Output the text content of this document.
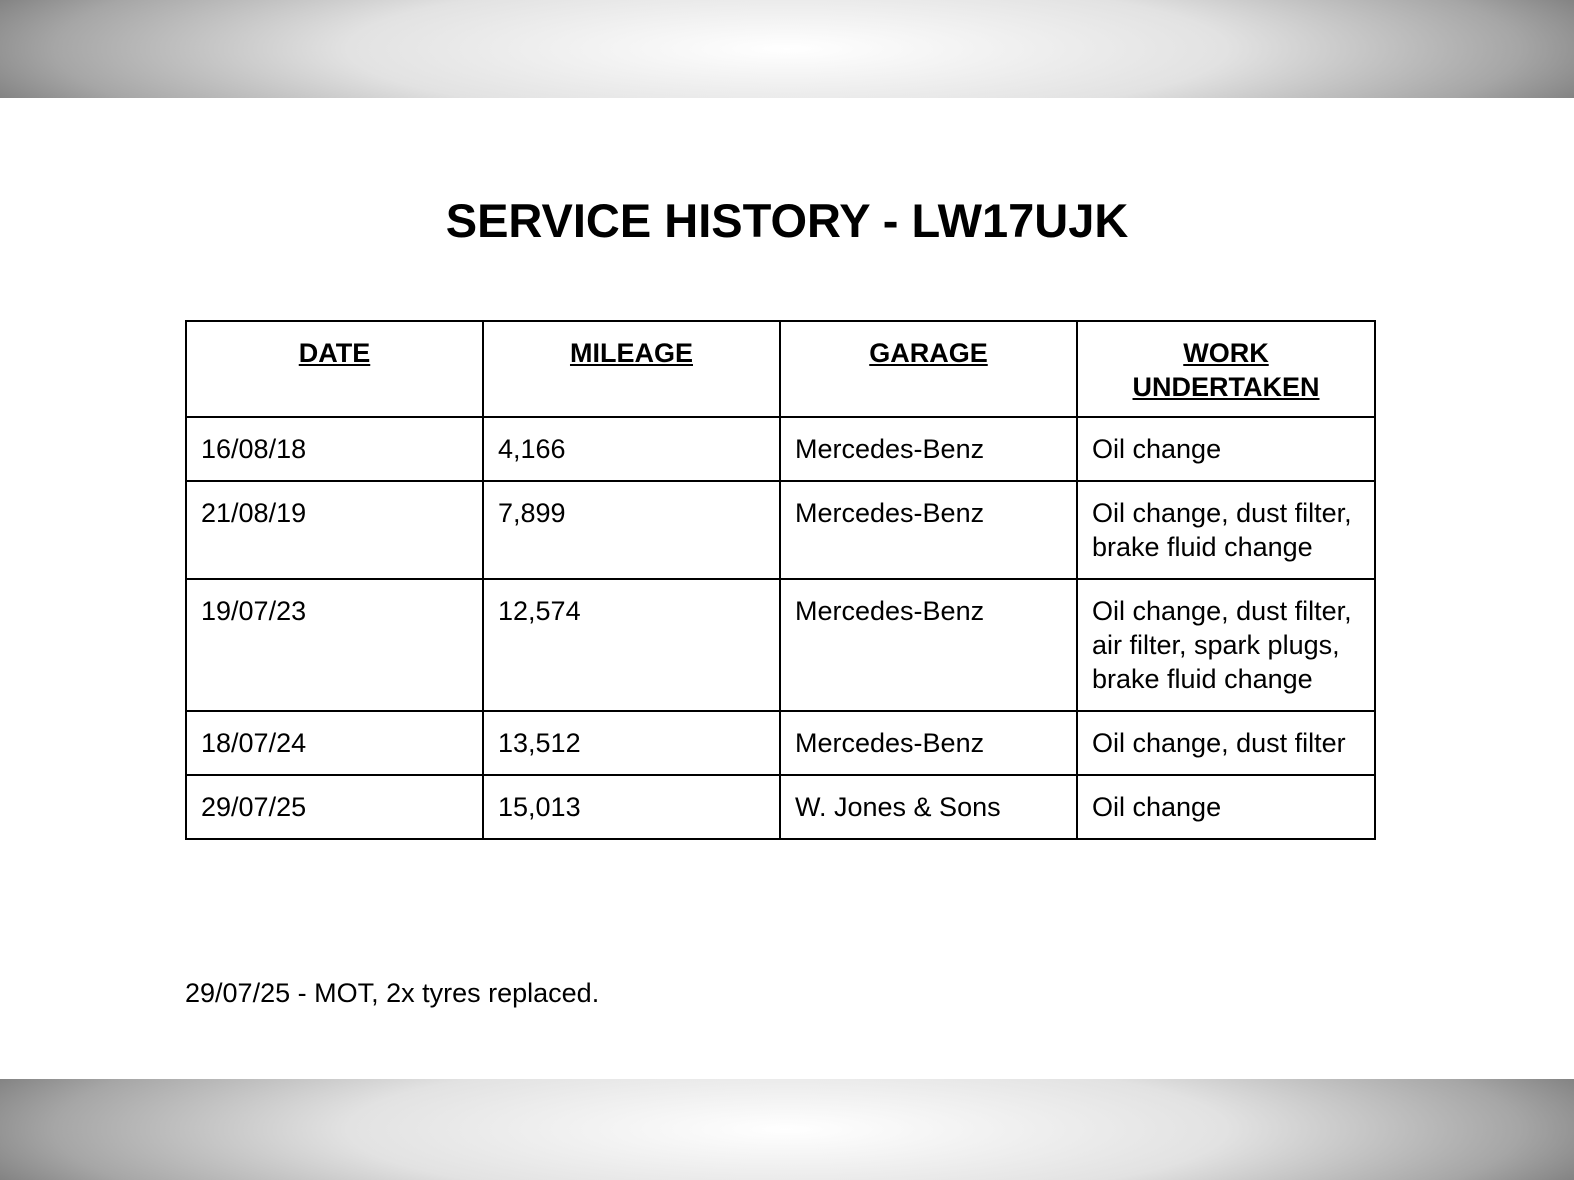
SERVICE HISTORY - LW17UJK
DATE	MILEAGE	GARAGE	WORK UNDERTAKEN
16/08/18	4,166	Mercedes-Benz	Oil change
21/08/19	7,899	Mercedes-Benz	Oil change, dust filter, brake fluid change
19/07/23	12,574	Mercedes-Benz	Oil change, dust filter, air filter, spark plugs, brake fluid change
18/07/24	13,512	Mercedes-Benz	Oil change, dust filter
29/07/25	15,013	W. Jones & Sons	Oil change

29/07/25 - MOT, 2x tyres replaced.
